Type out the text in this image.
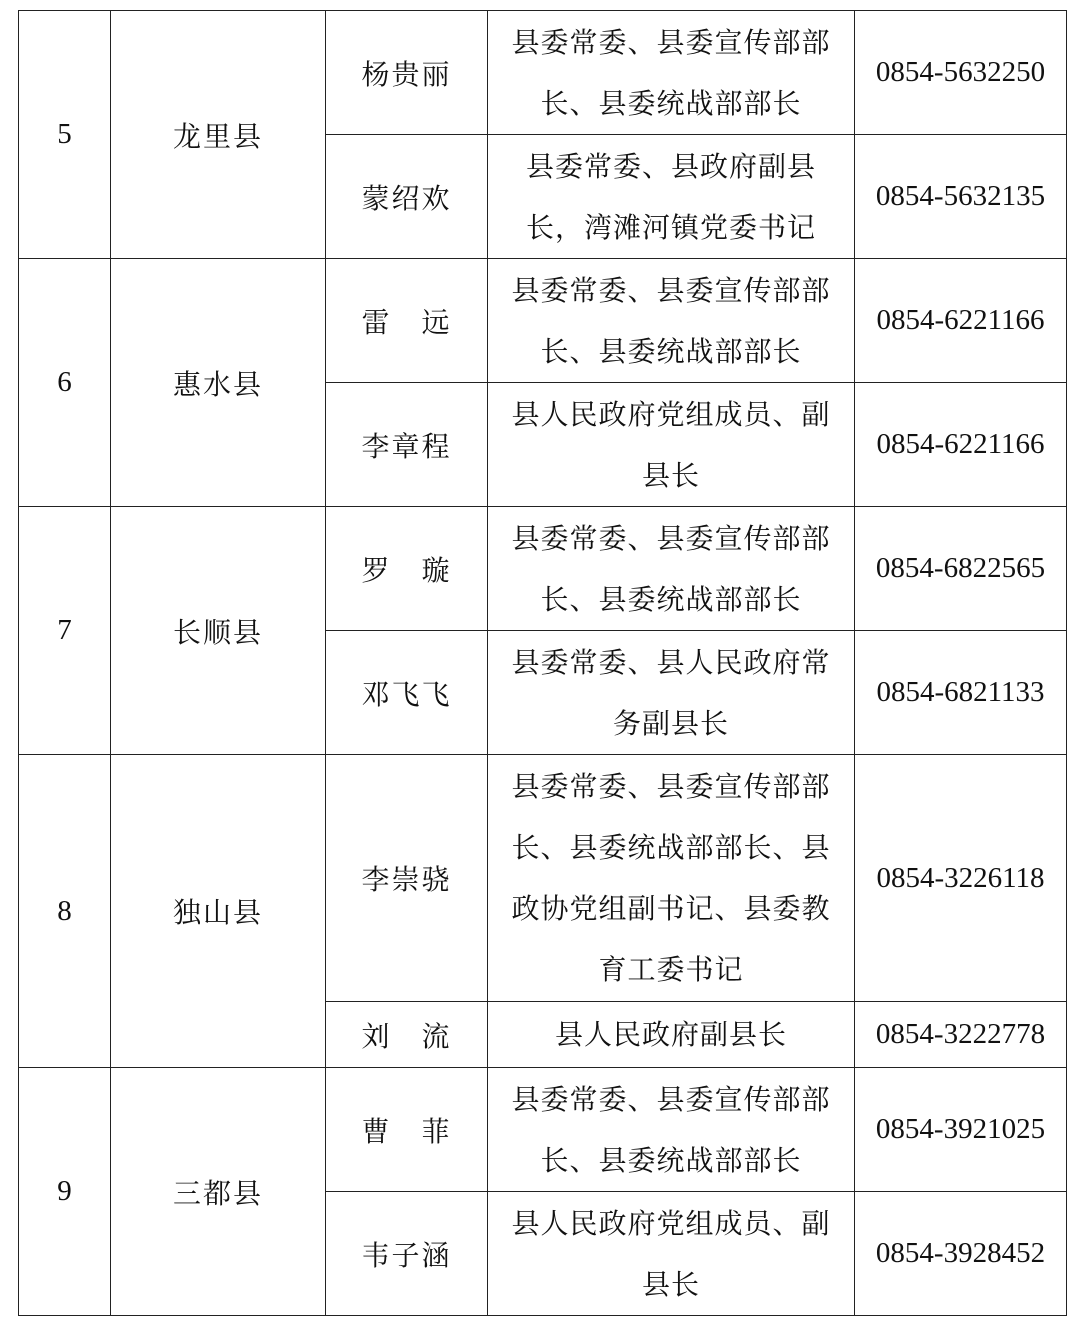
5	龙里县	杨贵丽	县委常委、县委宣传部部长、县委统战部部长	0854-5632250
		蒙绍欢	县委常委、县政府副县长，湾滩河镇党委书记	0854-5632135
6	惠水县	雷　远	县委常委、县委宣传部部长、县委统战部部长	0854-6221166
		李章程	县人民政府党组成员、副县长	0854-6221166
7	长顺县	罗　璇	县委常委、县委宣传部部长、县委统战部部长	0854-6822565
		邓飞飞	县委常委、县人民政府常务副县长	0854-6821133
8	独山县	李崇骁	县委常委、县委宣传部部长、县委统战部部长、县政协党组副书记、县委教育工委书记	0854-3226118
		刘　流	县人民政府副县长	0854-3222778
9	三都县	曹　菲	县委常委、县委宣传部部长、县委统战部部长	0854-3921025
		韦子涵	县人民政府党组成员、副县长	0854-3928452
